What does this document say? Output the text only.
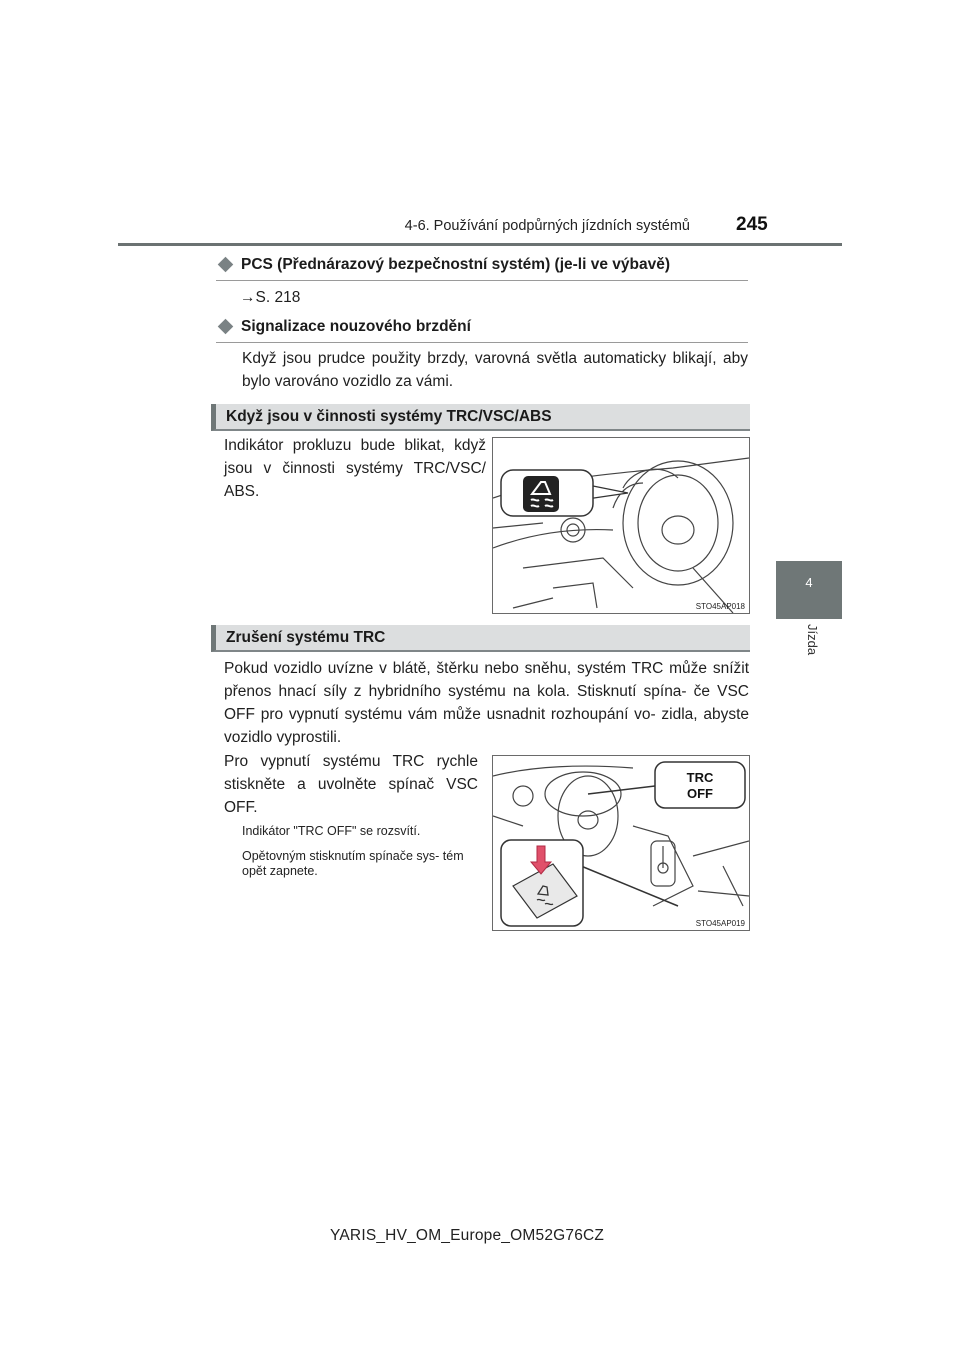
4-6. Používání podpůrných jízdních systémů 245
4
Jízda
PCS (Přednárazový bezpečnostní systém) (je-li ve výbavě)
→S. 218
Signalizace nouzového brzdění
Když jsou prudce použity brzdy, varovná světla automaticky blikají, aby bylo varováno vozidlo za vámi.
Když jsou v činnosti systémy TRC/VSC/ABS
Indikátor prokluzu bude blikat, když jsou v činnosti systémy TRC/VSC/ ABS.
STO45AP018
Zrušení systému TRC
Pokud vozidlo uvízne v blátě, štěrku nebo sněhu, systém TRC může snížit přenos hnací síly z hybridního systému na kola. Stisknutí spína- če VSC OFF pro vypnutí systému vám může usnadnit rozhoupání vo- zidla, abyste vozidlo vyprostili.
Pro vypnutí systému TRC rychle stiskněte a uvolněte spínač VSC OFF.
Indikátor "TRC OFF" se rozsvítí.
Opětovným stisknutím spínače sys- tém opět zapnete.
TRC
OFF
STO45AP019
YARIS_HV_OM_Europe_OM52G76CZ
